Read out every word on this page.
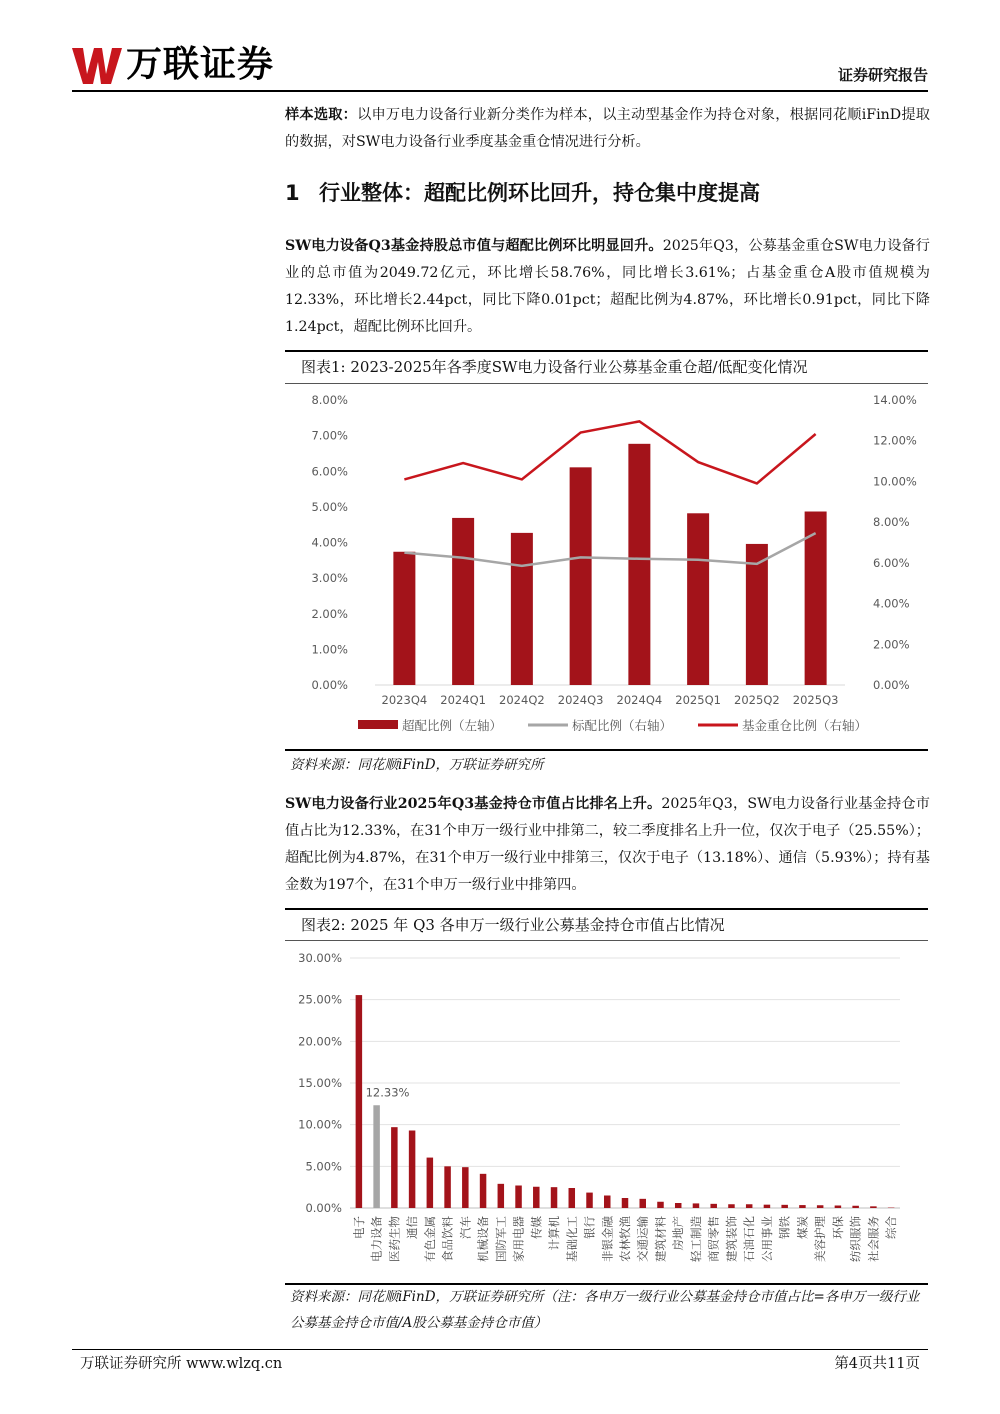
万联证券	证券研究报告
样本选取：以申万电力设备行业新分类作为样本，以主动型基金作为持仓对象，根据同花顺iFinD提取的数据，对SW电力设备行业季度基金重仓情况进行分析。
1 行业整体：超配比例环比回升，持仓集中度提高
SW电力设备Q3基金持股总市值与超配比例环比明显回升。2025年Q3，公募基金重仓SW电力设备行业的总市值为2049.72亿元，环比增长58.76%，同比增长3.61%；占基金重仓A股市值规模为12.33%，环比增长2.44pct，同比下降0.01pct；超配比例为4.87%，环比增长0.91pct，同比下降1.24pct，超配比例环比回升。
图表1: 2023-2025年各季度SW电力设备行业公募基金重仓超/低配变化情况
0.00%
1.00%
2.00%
3.00%
4.00%
5.00%
6.00%
7.00%
8.00%
0.00%
2.00%
4.00%
6.00%
8.00%
10.00%
12.00%
14.00%
2023Q4 2024Q1 2024Q2 2024Q3 2024Q4 2025Q1 2025Q2 2025Q3
超配比例（左轴）	标配比例（右轴）	基金重仓比例（右轴）
资料来源：同花顺iFinD，万联证券研究所
SW电力设备行业2025年Q3基金持仓市值占比排名上升。2025年Q3，SW电力设备行业基金持仓市值占比为12.33%，在31个申万一级行业中排第二，较二季度排名上升一位，仅次于电子（25.55%）；超配比例为4.87%，在31个申万一级行业中排第三，仅次于电子（13.18%）、通信（5.93%）；持有基金数为197个，在31个申万一级行业中排第四。
图表2: 2025 年 Q3 各申万一级行业公募基金持仓市值占比情况
0.00%
5.00%
10.00%
15.00%
20.00%
25.00%
30.00%
电子 电力设备 医药生物 通信 有色金属 食品饮料 汽车 机械设备 国防军工 家用电器 传媒 计算机 基础化工 银行 非银金融 农林牧渔 交通运输 建筑材料 房地产 轻工制造 商贸零售 建筑装饰 石油石化 公用事业 钢铁 煤炭 美容护理 环保 纺织服饰 社会服务 综合
12.33%
资料来源：同花顺iFinD，万联证券研究所（注：各申万一级行业公募基金持仓市值占比=各申万一级行业公募基金持仓市值/A股公募基金持仓市值）
万联证券研究所 www.wlzq.cn	第4页共11页
